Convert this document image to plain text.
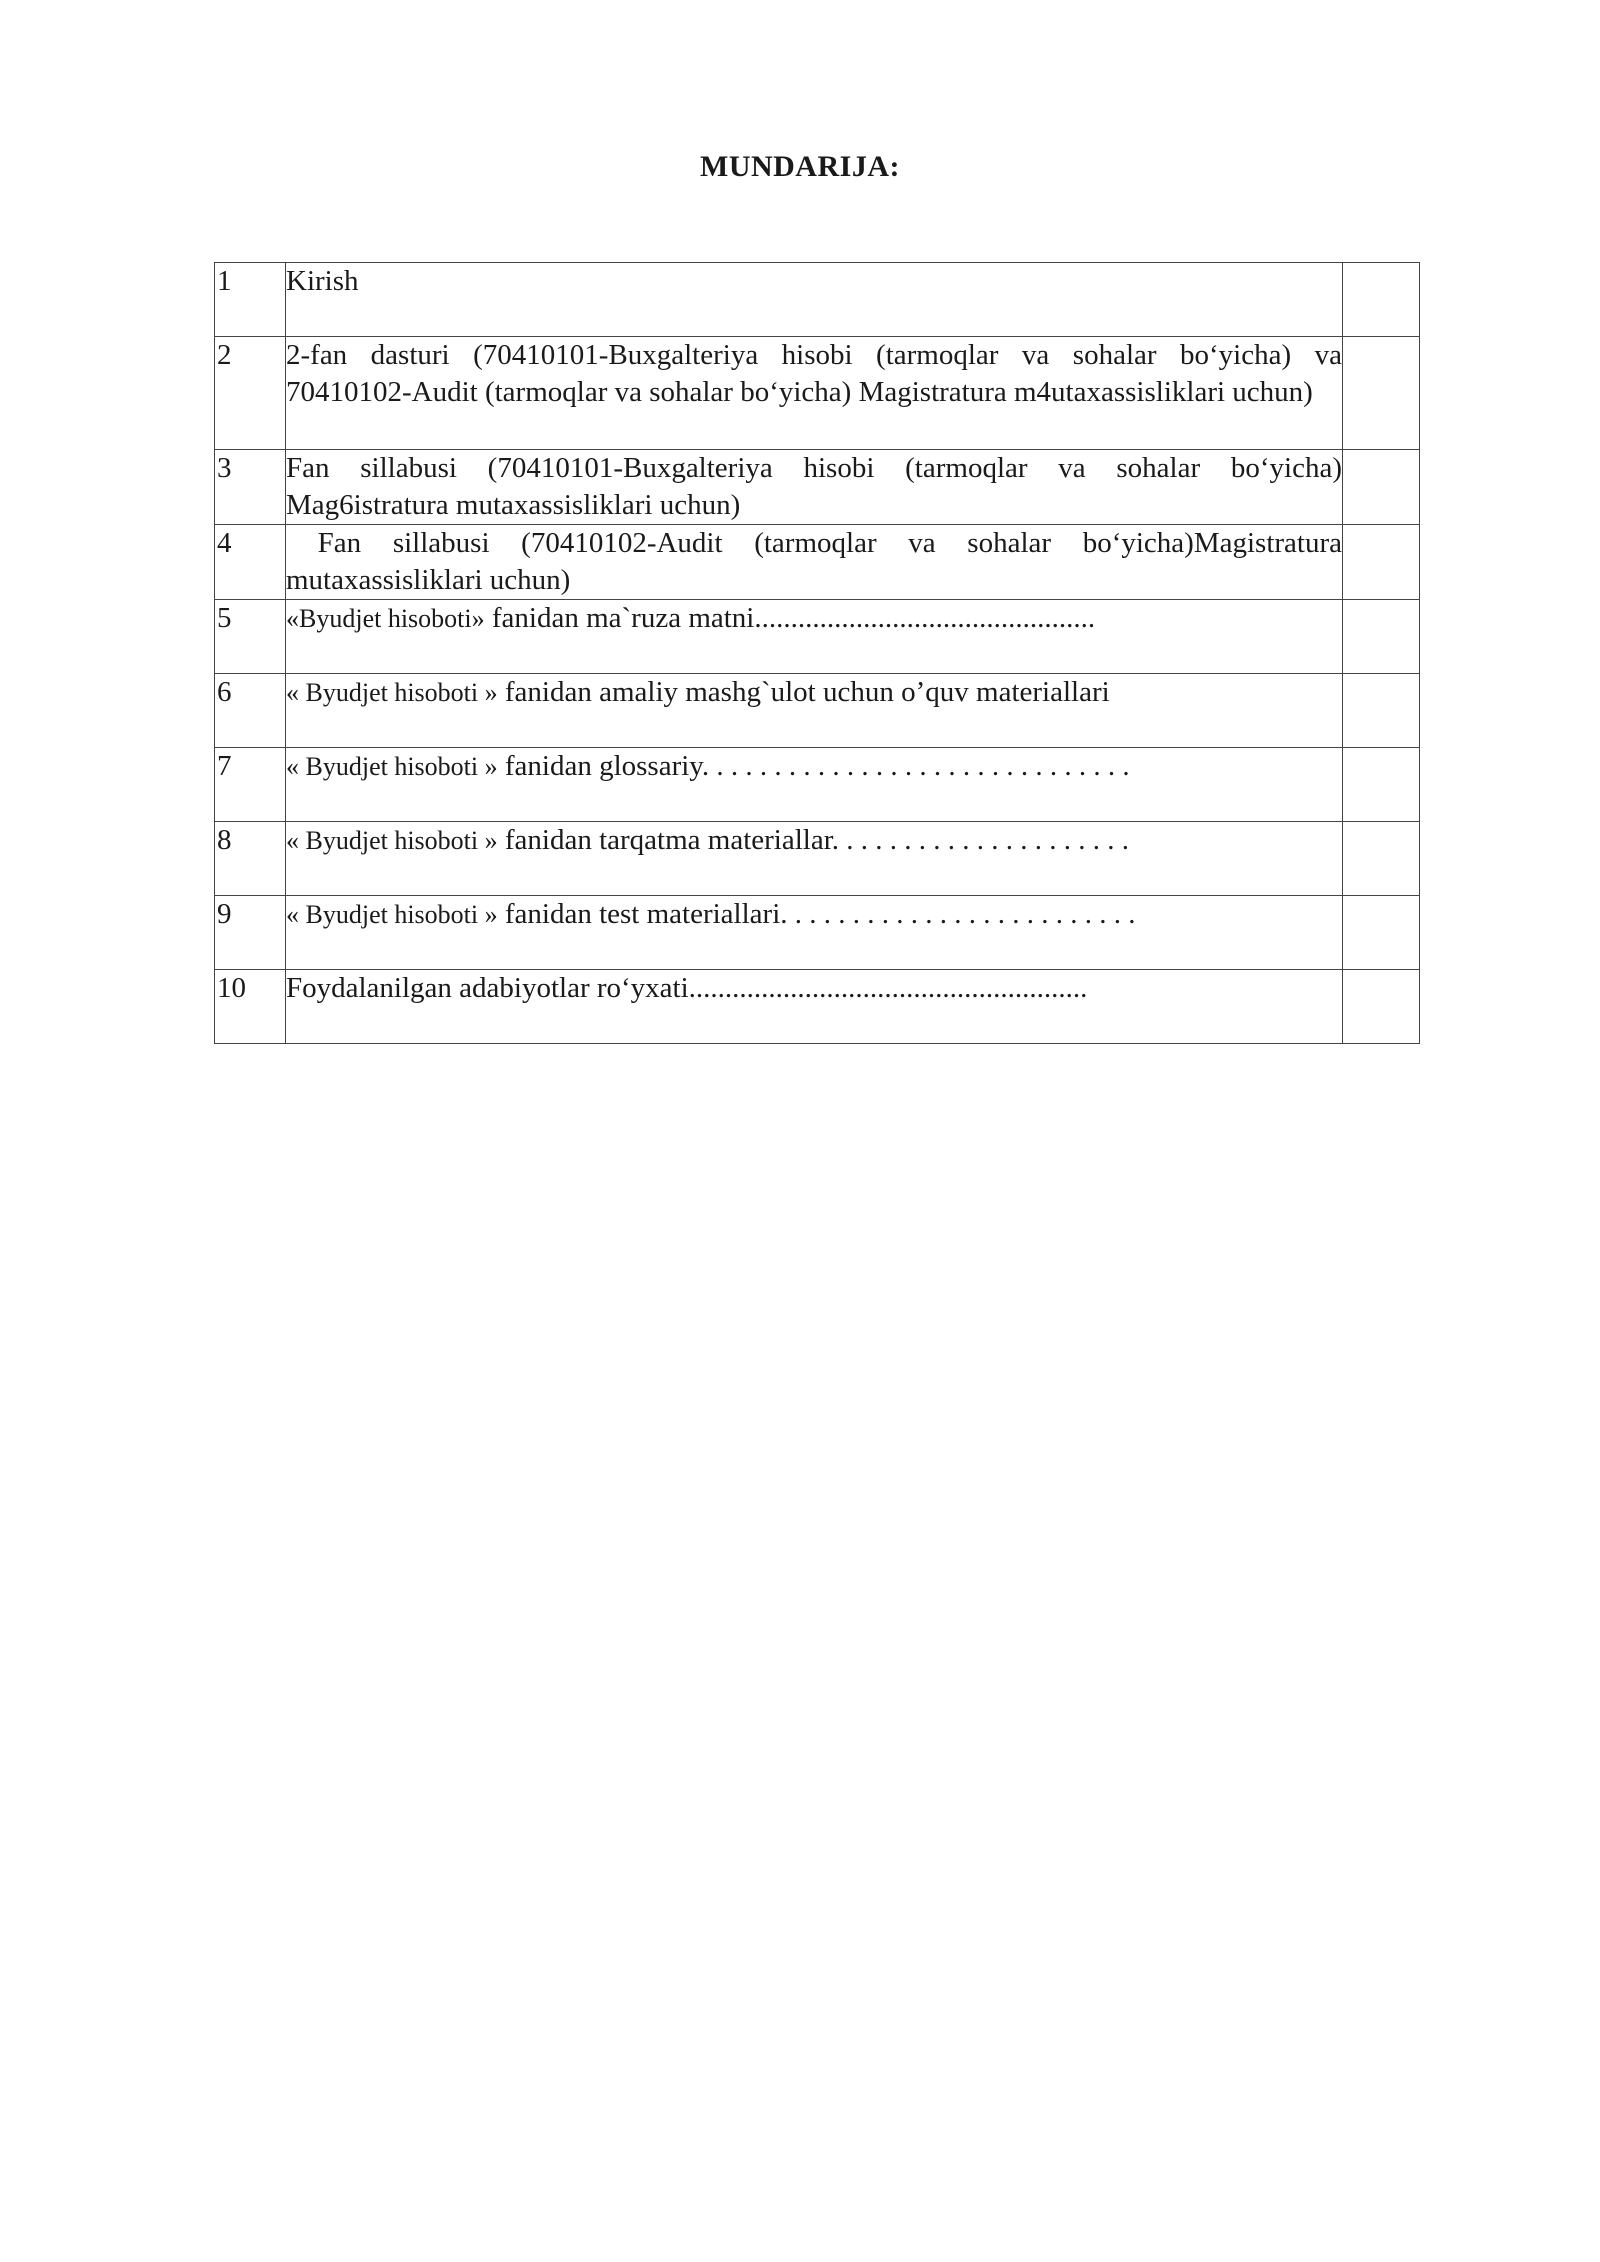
MUNDARIJA:
1	Kirish	
2	2-fan dasturi (70410101-Buxgalteriya hisobi (tarmoqlar va sohalar bo‘yicha) va 70410102-Audit (tarmoqlar va sohalar bo‘yicha) Magistratura m4utaxassisliklari uchun)	
3	Fan sillabusi (70410101-Buxgalteriya hisobi (tarmoqlar va sohalar bo‘yicha) Mag6istratura mutaxassisliklari uchun)	
4	Fan sillabusi (70410102-Audit (tarmoqlar va sohalar bo‘yicha)Magistratura mutaxassisliklari uchun)	
5	«Byudjet hisoboti» fanidan ma`ruza matni...............................................	
6	« Byudjet hisoboti » fanidan amaliy mashg`ulot uchun o’quv materiallari	
7	« Byudjet hisoboti » fanidan glossariy. . . . . . . . . . . . . . . . . . . . . . . . . . . . . .	
8	« Byudjet hisoboti » fanidan tarqatma materiallar. . . . . . . . . . . . . . . . . . . . .	
9	« Byudjet hisoboti » fanidan test materiallari. . . . . . . . . . . . . . . . . . . . . . . . .	
10	Foydalanilgan adabiyotlar ro‘yxati.......................................................	
